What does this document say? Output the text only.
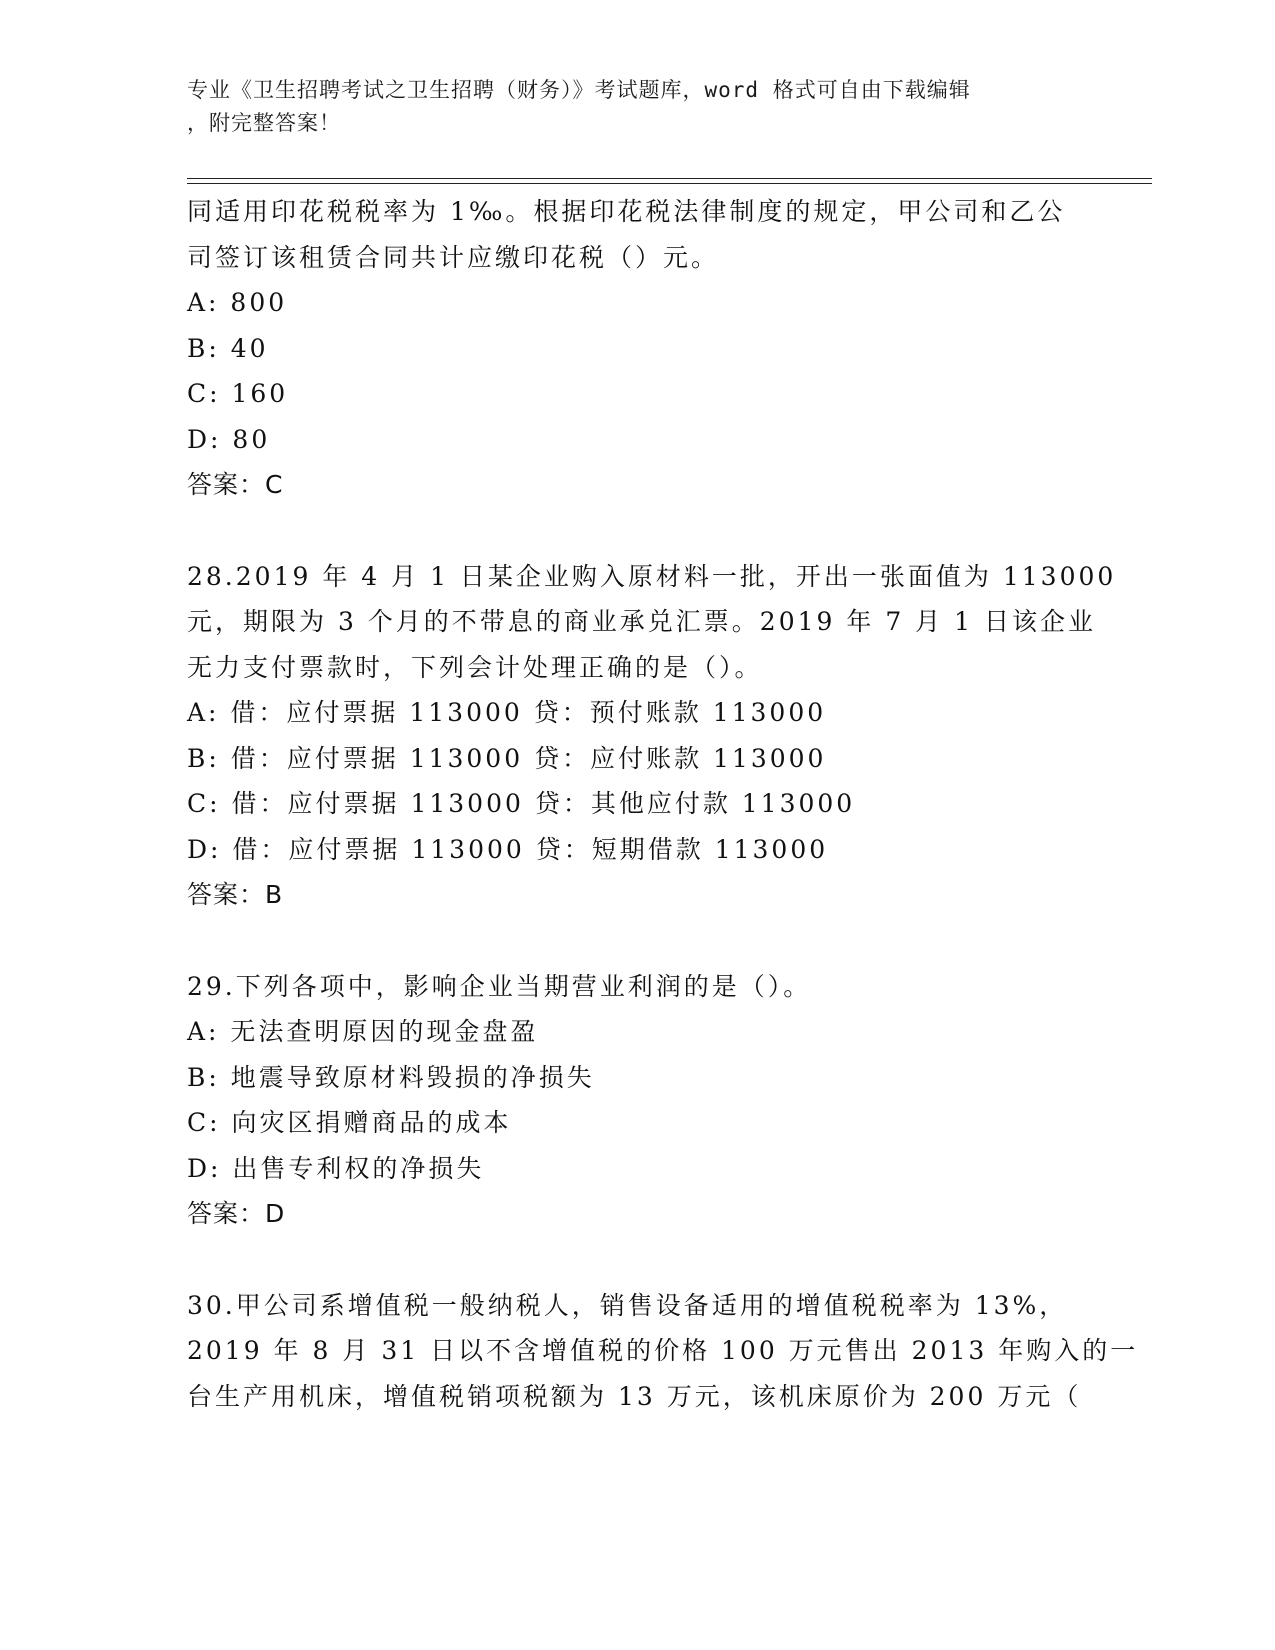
专业《卫生招聘考试之卫生招聘（财务）》考试题库，word 格式可自由下载编辑
，附完整答案！
同适用印花税税率为 1‰。根据印花税法律制度的规定，甲公司和乙公
司签订该租赁合同共计应缴印花税（）元。
A: 800
B: 40
C: 160
D: 80
答案：C
28.2019 年 4 月 1 日某企业购入原材料一批，开出一张面值为 113000
元，期限为 3 个月的不带息的商业承兑汇票。2019 年 7 月 1 日该企业
无力支付票款时，下列会计处理正确的是（）。
A: 借：应付票据 113000 贷：预付账款 113000
B: 借：应付票据 113000 贷：应付账款 113000
C: 借：应付票据 113000 贷：其他应付款 113000
D: 借：应付票据 113000 贷：短期借款 113000
答案：B
29.下列各项中，影响企业当期营业利润的是（）。
A: 无法查明原因的现金盘盈
B: 地震导致原材料毁损的净损失
C: 向灾区捐赠商品的成本
D: 出售专利权的净损失
答案：D
30.甲公司系增值税一般纳税人，销售设备适用的增值税税率为 13%，
2019 年 8 月 31 日以不含增值税的价格 100 万元售出 2013 年购入的一
台生产用机床，增值税销项税额为 13 万元，该机床原价为 200 万元（
